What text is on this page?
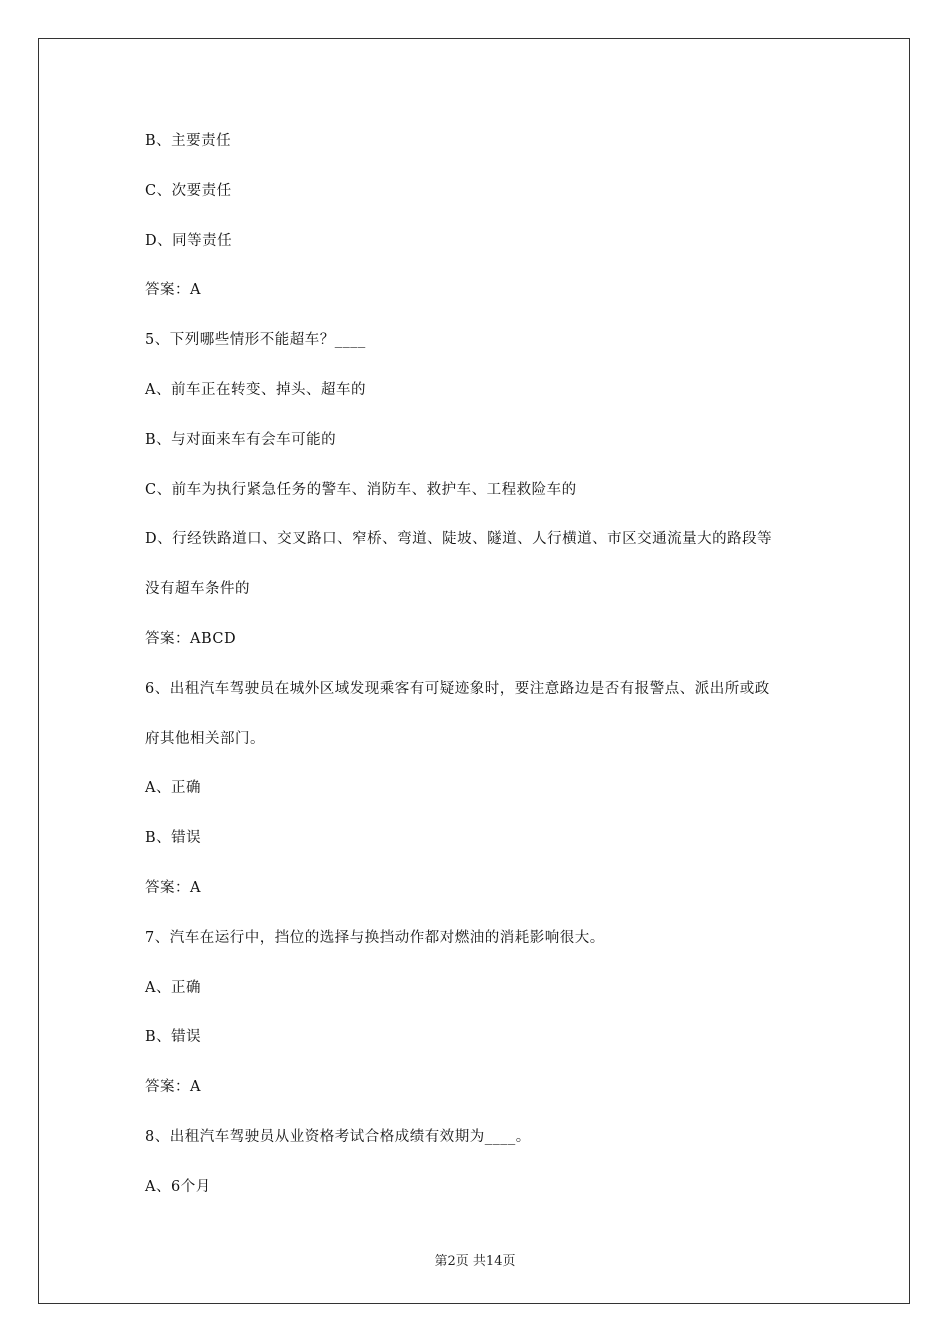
B、主要责任
C、次要责任
D、同等责任
答案：A
5、下列哪些情形不能超车？____
A、前车正在转变、掉头、超车的
B、与对面来车有会车可能的
C、前车为执行紧急任务的警车、消防车、救护车、工程救险车的
D、行经铁路道口、交叉路口、窄桥、弯道、陡坡、隧道、人行横道、市区交通流量大的路段等
没有超车条件的
答案：ABCD
6、出租汽车驾驶员在城外区域发现乘客有可疑迹象时，要注意路边是否有报警点、派出所或政
府其他相关部门。
A、正确
B、错误
答案：A
7、汽车在运行中，挡位的选择与换挡动作都对燃油的消耗影响很大。
A、正确
B、错误
答案：A
8、出租汽车驾驶员从业资格考试合格成绩有效期为____。
A、6个月
第2页 共14页
